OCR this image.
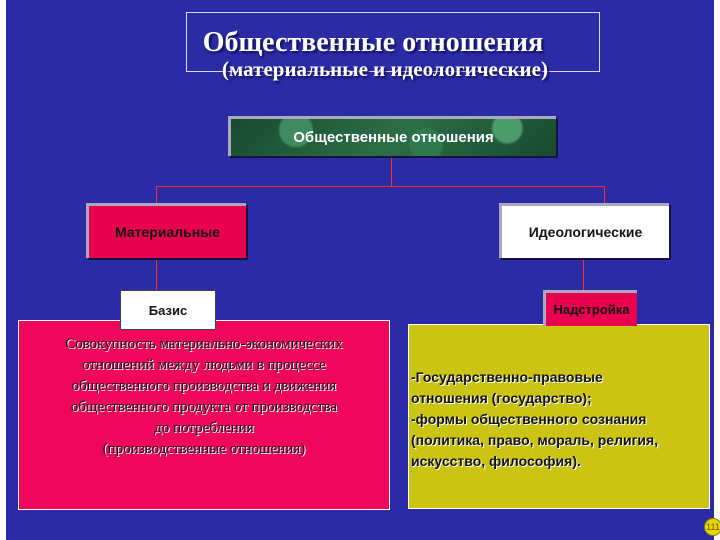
Общественные отношения
(материальные и идеологические)
Общественные отношения
Материальные	Идеологические
Совокупность материально-экономических
отношений между людьми в процессе
общественного производства и движения
общественного продукта от производства
до потребления
(производственные отношения)
-Государственно-правовые
отношения (государство);
-формы общественного сознания
(политика, право, мораль, религия,
искусство, философия).
Базис	Надстройка
111
